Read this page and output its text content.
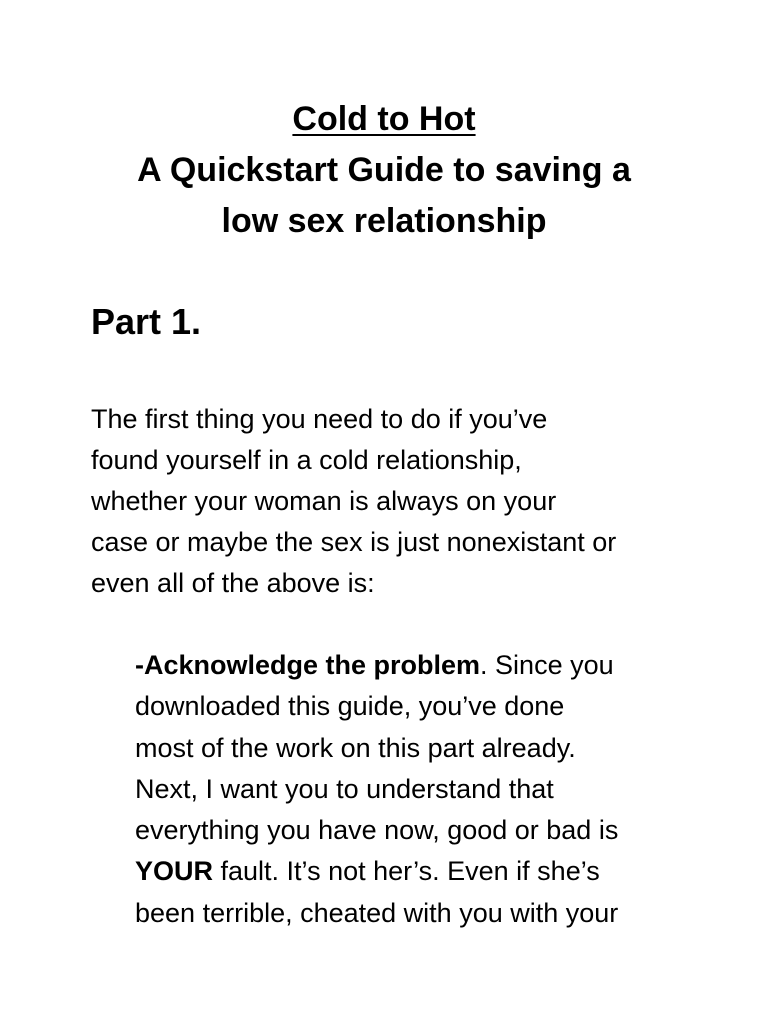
Cold to Hot
A Quickstart Guide to saving a
low sex relationship
Part 1.

The first thing you need to do if you’ve
found yourself in a cold relationship,
whether your woman is always on your
case or maybe the sex is just nonexistant or
even all of the above is:

-Acknowledge the problem. Since you
downloaded this guide, you’ve done
most of the work on this part already.
Next, I want you to understand that
everything you have now, good or bad is
YOUR fault. It’s not her’s. Even if she’s
been terrible, cheated with you with your
